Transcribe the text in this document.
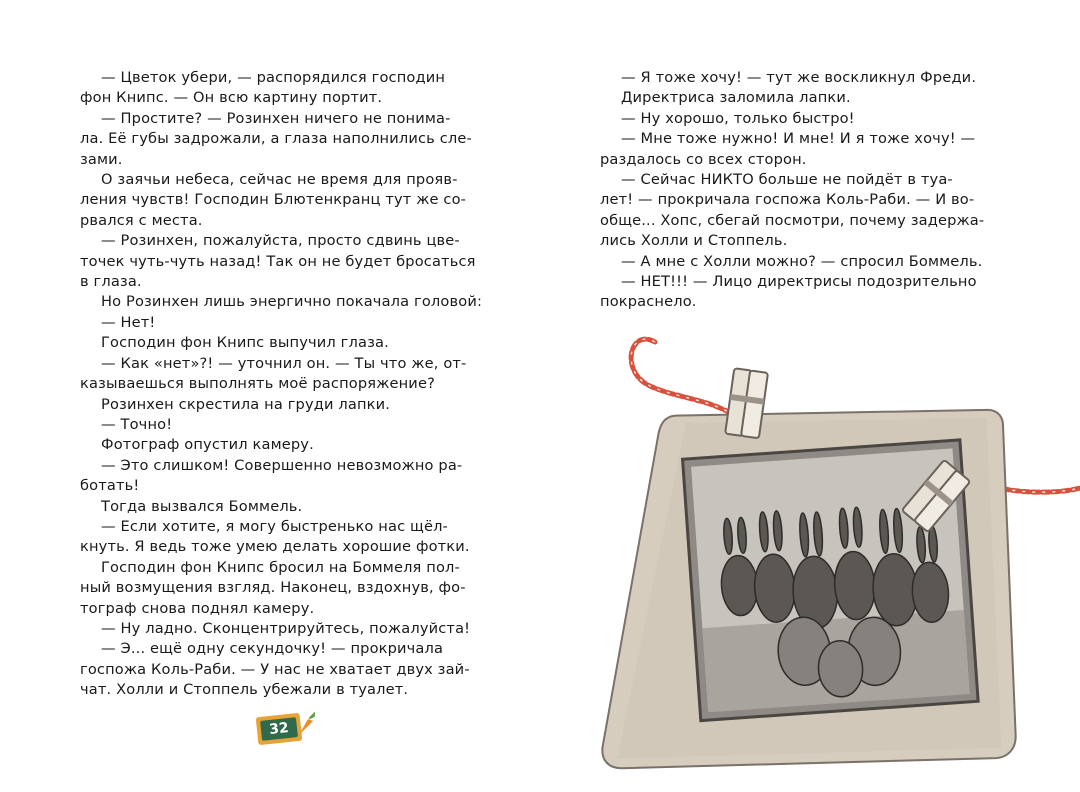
— Цветок убери, — распорядился господин

фон Книпс. — Он всю картину портит.

— Простите? — Розинхен ничего не понима-

ла. Её губы задрожали, а глаза наполнились сле-

зами.

О заячьи небеса, сейчас не время для прояв-

ления чувств! Господин Блютенкранц тут же со-

рвался с места.

— Розинхен, пожалуйста, просто сдвинь цве-

точек чуть-чуть назад! Так он не будет бросаться

в глаза.

Но Розинхен лишь энергично покачала головой:

— Нет!

Господин фон Книпс выпучил глаза.

— Как «нет»?! — уточнил он. — Ты что же, от-

казываешься выполнять моё распоряжение?

Розинхен скрестила на груди лапки.

— Точно!

Фотограф опустил камеру.

— Это слишком! Совершенно невозможно ра-

ботать!

Тогда вызвался Боммель.

— Если хотите, я могу быстренько нас щёл-

кнуть. Я ведь тоже умею делать хорошие фотки.

Господин фон Книпс бросил на Боммеля пол-

ный возмущения взгляд. Наконец, вздохнув, фо-

тограф снова поднял камеру.

— Ну ладно. Сконцентрируйтесь, пожалуйста!

— Э... ещё одну секундочку! — прокричала

госпожа Коль-Раби. — У нас не хватает двух зай-

чат. Холли и Стоппель убежали в туалет.

— Я тоже хочу! — тут же воскликнул Фреди.

Директриса заломила лапки.

— Ну хорошо, только быстро!

— Мне тоже нужно! И мне! И я тоже хочу! —

раздалось со всех сторон.

— Сейчас НИКТО больше не пойдёт в туа-

лет! — прокричала госпожа Коль-Раби. — И во-

обще... Хопс, сбегай посмотри, почему задержа-

лись Холли и Стоппель.

— А мне с Холли можно? — спросил Боммель.

— НЕТ!!! — Лицо директрисы подозрительно

покраснело.

32
